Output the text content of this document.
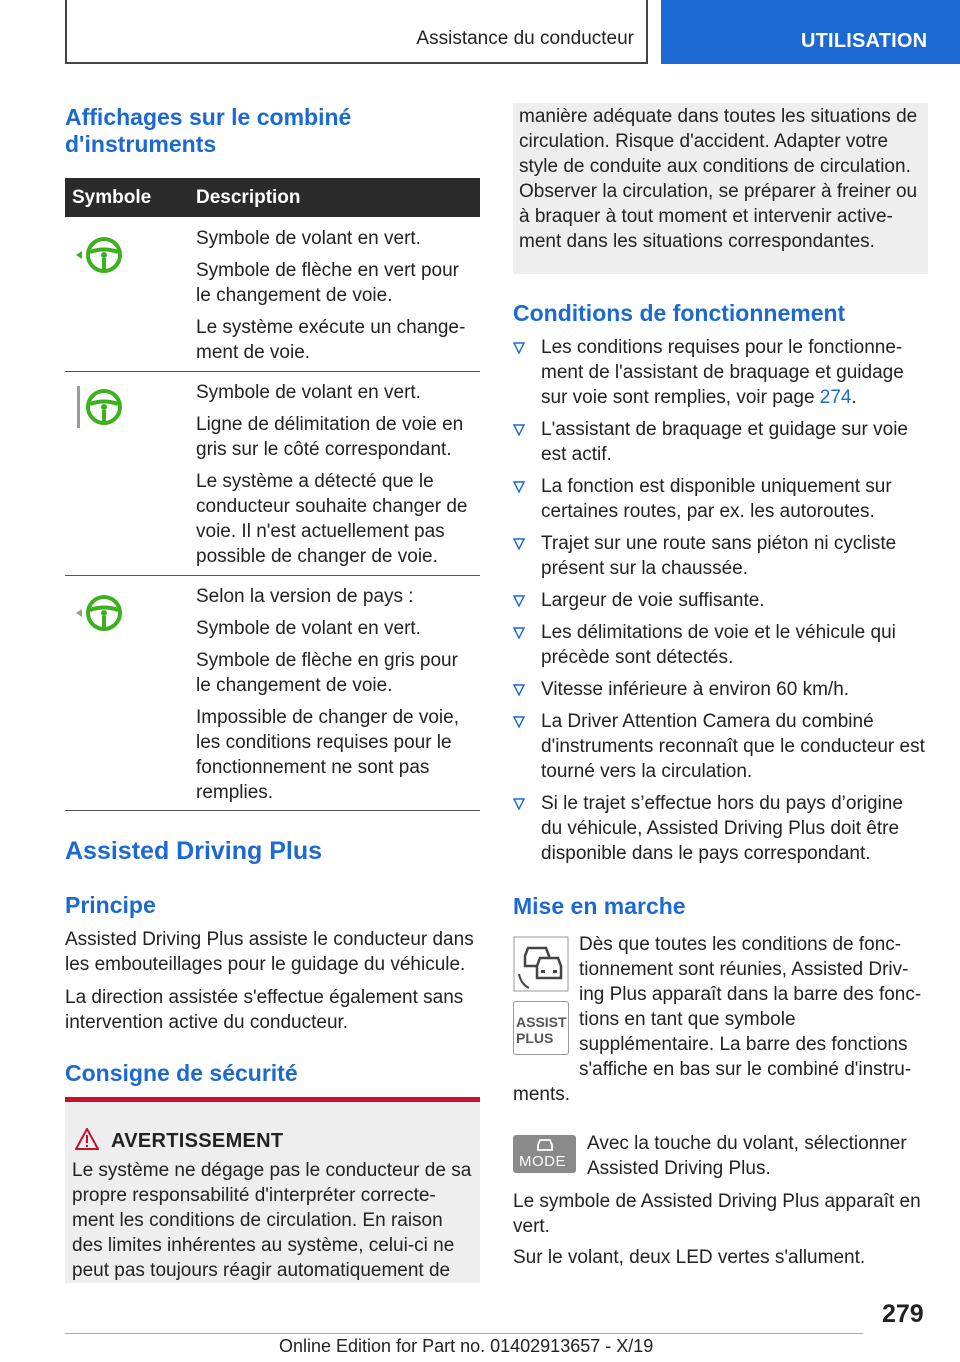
Assistance du conducteur	UTILISATION
Affichages sur le combiné
d'instruments
Symbole Description

Symbole de volant en vert.

Symbole de flèche en vert pour le changement de voie.

Le système exécute un change-ment de voie.

Symbole de volant en vert.

Ligne de délimitation de voie en gris sur le côté correspondant.

Le système a détecté que le conducteur souhaite changer de voie. Il n'est actuellement pas possible de changer de voie.

Selon la version de pays :

Symbole de volant en vert.

Symbole de flèche en gris pour le changement de voie.

Impossible de changer de voie, les conditions requises pour le fonctionnement ne sont pas remplies.

Assisted Driving Plus
Principe
Assisted Driving Plus assiste le conducteur dans les embouteillages pour le guidage du véhicule.
La direction assistée s'effectue également sans intervention active du conducteur.
Consigne de sécurité
AVERTISSEMENT
Le système ne dégage pas le conducteur de sa propre responsabilité d'interpréter correcte-ment les conditions de circulation. En raison des limites inhérentes au système, celui-ci ne peut pas toujours réagir automatiquement de
manière adéquate dans toutes les situations de circulation. Risque d'accident. Adapter votre style de conduite aux conditions de circulation. Observer la circulation, se préparer à freiner ou à braquer à tout moment et intervenir active-ment dans les situations correspondantes.
Conditions de fonctionnement
Les conditions requises pour le fonctionne-ment de l'assistant de braquage et guidage sur voie sont remplies, voir page 274.
L'assistant de braquage et guidage sur voie est actif.
La fonction est disponible uniquement sur certaines routes, par ex. les autoroutes.
Trajet sur une route sans piéton ni cycliste présent sur la chaussée.
Largeur de voie suffisante.
Les délimitations de voie et le véhicule qui précède sont détectés.
Vitesse inférieure à environ 60 km/h.
La Driver Attention Camera du combiné d'instruments reconnaît que le conducteur est tourné vers la circulation.
Si le trajet s’effectue hors du pays d’origine du véhicule, Assisted Driving Plus doit être disponible dans le pays correspondant.
Mise en marche
ASSIST
PLUS
Dès que toutes les conditions de fonc-
tionnement sont réunies, Assisted Driv-
ing Plus apparaît dans la barre des fonc-
tions en tant que symbole
supplémentaire. La barre des fonctions
s'affiche en bas sur le combiné d'instru-
ments.
MODE
Avec la touche du volant, sélectionner
Assisted Driving Plus.
Le symbole de Assisted Driving Plus apparaît en vert.
Sur le volant, deux LED vertes s'allument.
279
Online Edition for Part no. 01402913657 - X/19
